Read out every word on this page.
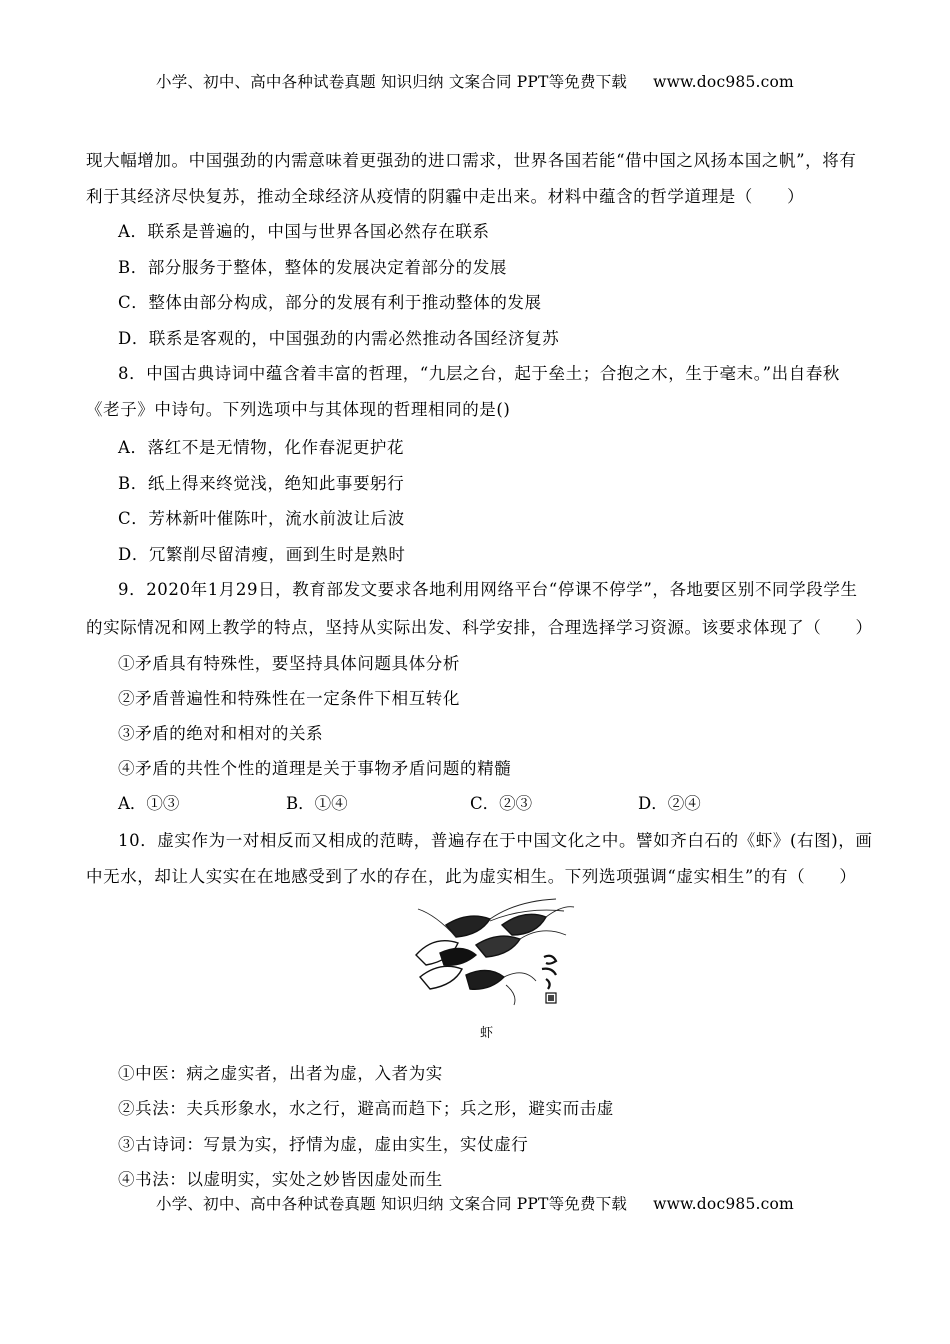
小学、初中、高中各种试卷真题 知识归纳 文案合同 PPT等免费下载 www.doc985.com
现大幅增加。中国强劲的内需意味着更强劲的进口需求，世界各国若能“借中国之风扬本国之帆”，将有
利于其经济尽快复苏，推动全球经济从疫情的阴霾中走出来。材料中蕴含的哲学道理是（　　）
A．联系是普遍的，中国与世界各国必然存在联系
B．部分服务于整体，整体的发展决定着部分的发展
C．整体由部分构成，部分的发展有利于推动整体的发展
D．联系是客观的，中国强劲的内需必然推动各国经济复苏
8．中国古典诗词中蕴含着丰富的哲理，“九层之台，起于垒土；合抱之木，生于毫末。”出自春秋
《老子》中诗句。下列选项中与其体现的哲理相同的是()
A．落红不是无情物，化作春泥更护花
B．纸上得来终觉浅，绝知此事要躬行
C．芳林新叶催陈叶，流水前波让后波
D．冗繁削尽留清瘦，画到生时是熟时
9．2020年1月29日，教育部发文要求各地利用网络平台“停课不停学”，各地要区别不同学段学生
的实际情况和网上教学的特点，坚持从实际出发、科学安排，合理选择学习资源。该要求体现了（　　）
①矛盾具有特殊性，要坚持具体问题具体分析
②矛盾普遍性和特殊性在一定条件下相互转化
③矛盾的绝对和相对的关系
④矛盾的共性个性的道理是关于事物矛盾问题的精髓
A．①③	B．①④	C．②③	D．②④
10．虚实作为一对相反而又相成的范畴，普遍存在于中国文化之中。譬如齐白石的《虾》(右图)，画
中无水，却让人实实在在地感受到了水的存在，此为虚实相生。下列选项强调“虚实相生”的有（　　）
虾
①中医：病之虚实者，出者为虚，入者为实
②兵法：夫兵形象水，水之行，避高而趋下；兵之形，避实而击虚
③古诗词：写景为实，抒情为虚，虚由实生，实仗虚行
④书法：以虚明实，实处之妙皆因虚处而生
小学、初中、高中各种试卷真题 知识归纳 文案合同 PPT等免费下载 www.doc985.com
